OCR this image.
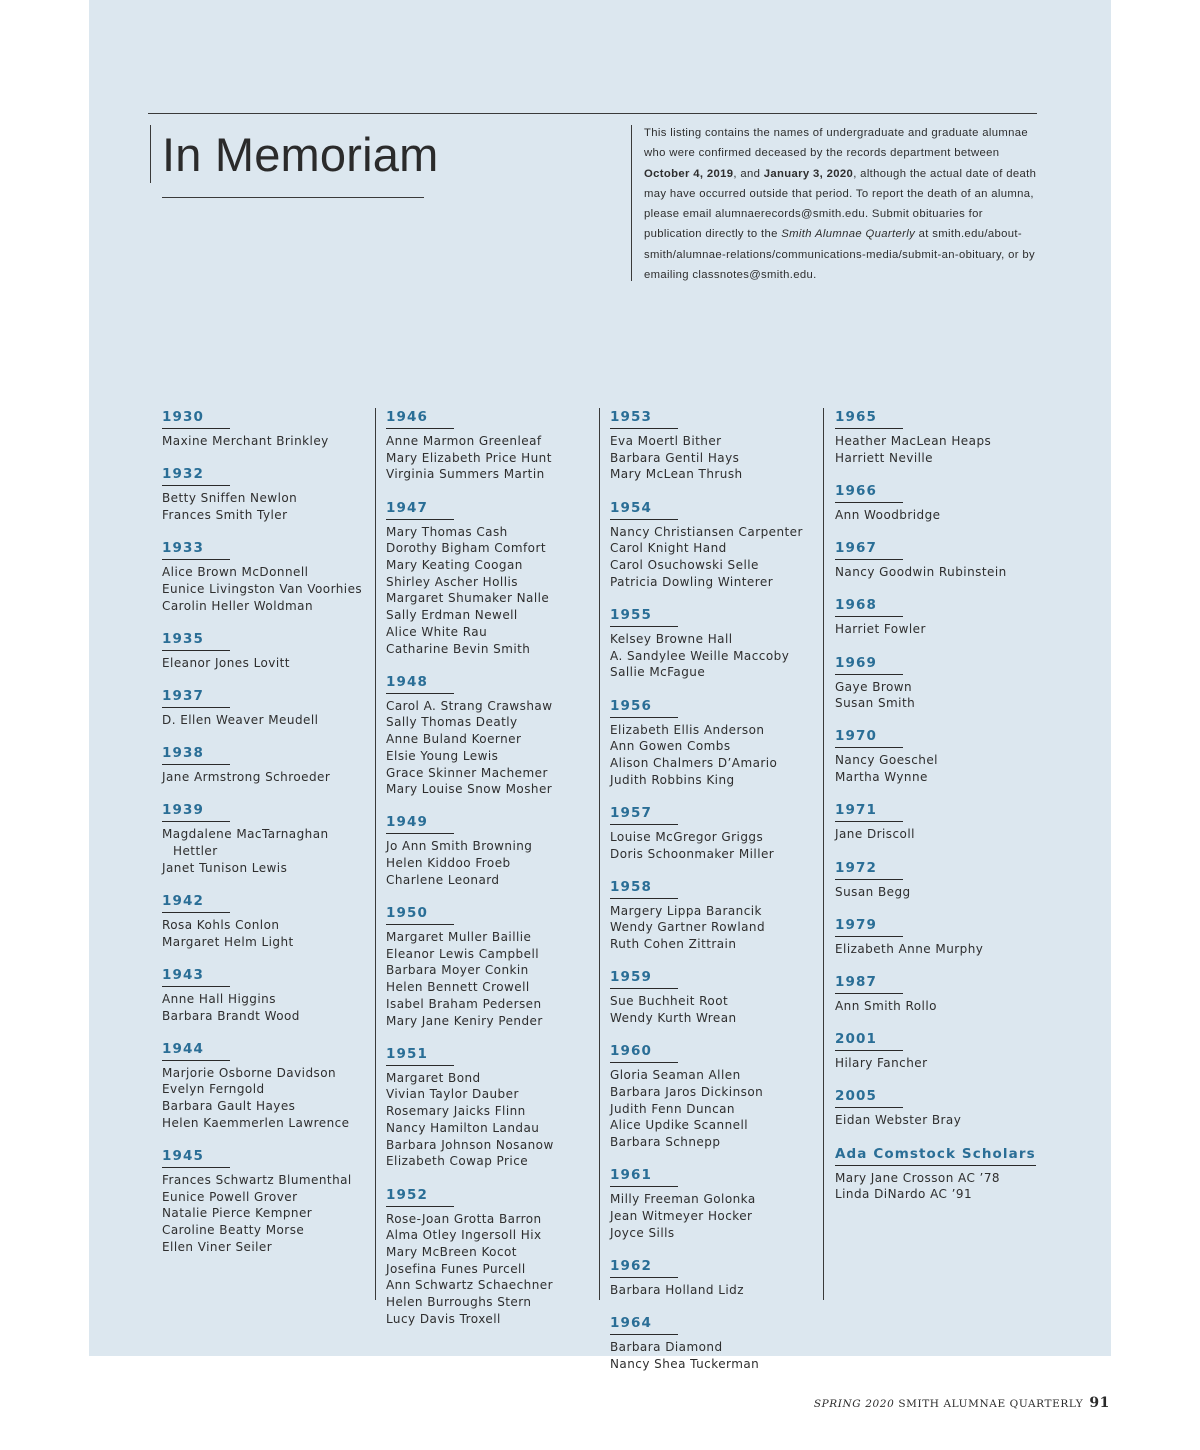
In Memoriam	This listing contains the names of undergraduate and graduate alumnae who were confirmed deceased by the records department between October 4, 2019, and January 3, 2020, although the actual date of death may have occurred outside that period. To report the death of an alumna, please email alumnaerecords@smith.edu. Submit obituaries for publication directly to the Smith Alumnae Quarterly at smith.edu/about-smith/alumnae-relations/communications-media/submit-an-obituary, or by emailing classnotes@smith.edu.

1930
Maxine Merchant Brinkley
1932
Betty Sniffen Newlon
Frances Smith Tyler
1933
Alice Brown McDonnell
Eunice Livingston Van Voorhies
Carolin Heller Woldman
1935
Eleanor Jones Lovitt
1937
D. Ellen Weaver Meudell
1938
Jane Armstrong Schroeder
1939
Magdalene MacTarnaghan
Hettler
Janet Tunison Lewis
1942
Rosa Kohls Conlon
Margaret Helm Light
1943
Anne Hall Higgins
Barbara Brandt Wood
1944
Marjorie Osborne Davidson
Evelyn Ferngold
Barbara Gault Hayes
Helen Kaemmerlen Lawrence
1945
Frances Schwartz Blumenthal
Eunice Powell Grover
Natalie Pierce Kempner
Caroline Beatty Morse
Ellen Viner Seiler
1946
Anne Marmon Greenleaf
Mary Elizabeth Price Hunt
Virginia Summers Martin
1947
Mary Thomas Cash
Dorothy Bigham Comfort
Mary Keating Coogan
Shirley Ascher Hollis
Margaret Shumaker Nalle
Sally Erdman Newell
Alice White Rau
Catharine Bevin Smith
1948
Carol A. Strang Crawshaw
Sally Thomas Deatly
Anne Buland Koerner
Elsie Young Lewis
Grace Skinner Machemer
Mary Louise Snow Mosher
1949
Jo Ann Smith Browning
Helen Kiddoo Froeb
Charlene Leonard
1950
Margaret Muller Baillie
Eleanor Lewis Campbell
Barbara Moyer Conkin
Helen Bennett Crowell
Isabel Braham Pedersen
Mary Jane Keniry Pender
1951
Margaret Bond
Vivian Taylor Dauber
Rosemary Jaicks Flinn
Nancy Hamilton Landau
Barbara Johnson Nosanow
Elizabeth Cowap Price
1952
Rose-Joan Grotta Barron
Alma Otley Ingersoll Hix
Mary McBreen Kocot
Josefina Funes Purcell
Ann Schwartz Schaechner
Helen Burroughs Stern
Lucy Davis Troxell
1953
Eva Moertl Bither
Barbara Gentil Hays
Mary McLean Thrush
1954
Nancy Christiansen Carpenter
Carol Knight Hand
Carol Osuchowski Selle
Patricia Dowling Winterer
1955
Kelsey Browne Hall
A. Sandylee Weille Maccoby
Sallie McFague
1956
Elizabeth Ellis Anderson
Ann Gowen Combs
Alison Chalmers D’Amario
Judith Robbins King
1957
Louise McGregor Griggs
Doris Schoonmaker Miller
1958
Margery Lippa Barancik
Wendy Gartner Rowland
Ruth Cohen Zittrain
1959
Sue Buchheit Root
Wendy Kurth Wrean
1960
Gloria Seaman Allen
Barbara Jaros Dickinson
Judith Fenn Duncan
Alice Updike Scannell
Barbara Schnepp
1961
Milly Freeman Golonka
Jean Witmeyer Hocker
Joyce Sills
1962
Barbara Holland Lidz
1964
Barbara Diamond
Nancy Shea Tuckerman
1965
Heather MacLean Heaps
Harriett Neville
1966
Ann Woodbridge
1967
Nancy Goodwin Rubinstein
1968
Harriet Fowler
1969
Gaye Brown
Susan Smith
1970
Nancy Goeschel
Martha Wynne
1971
Jane Driscoll
1972
Susan Begg
1979
Elizabeth Anne Murphy
1987
Ann Smith Rollo
2001
Hilary Fancher
2005
Eidan Webster Bray
Ada Comstock Scholars
Mary Jane Crosson AC ’78
Linda DiNardo AC ’91

SPRING 2020 SMITH ALUMNAE QUARTERLY 91
